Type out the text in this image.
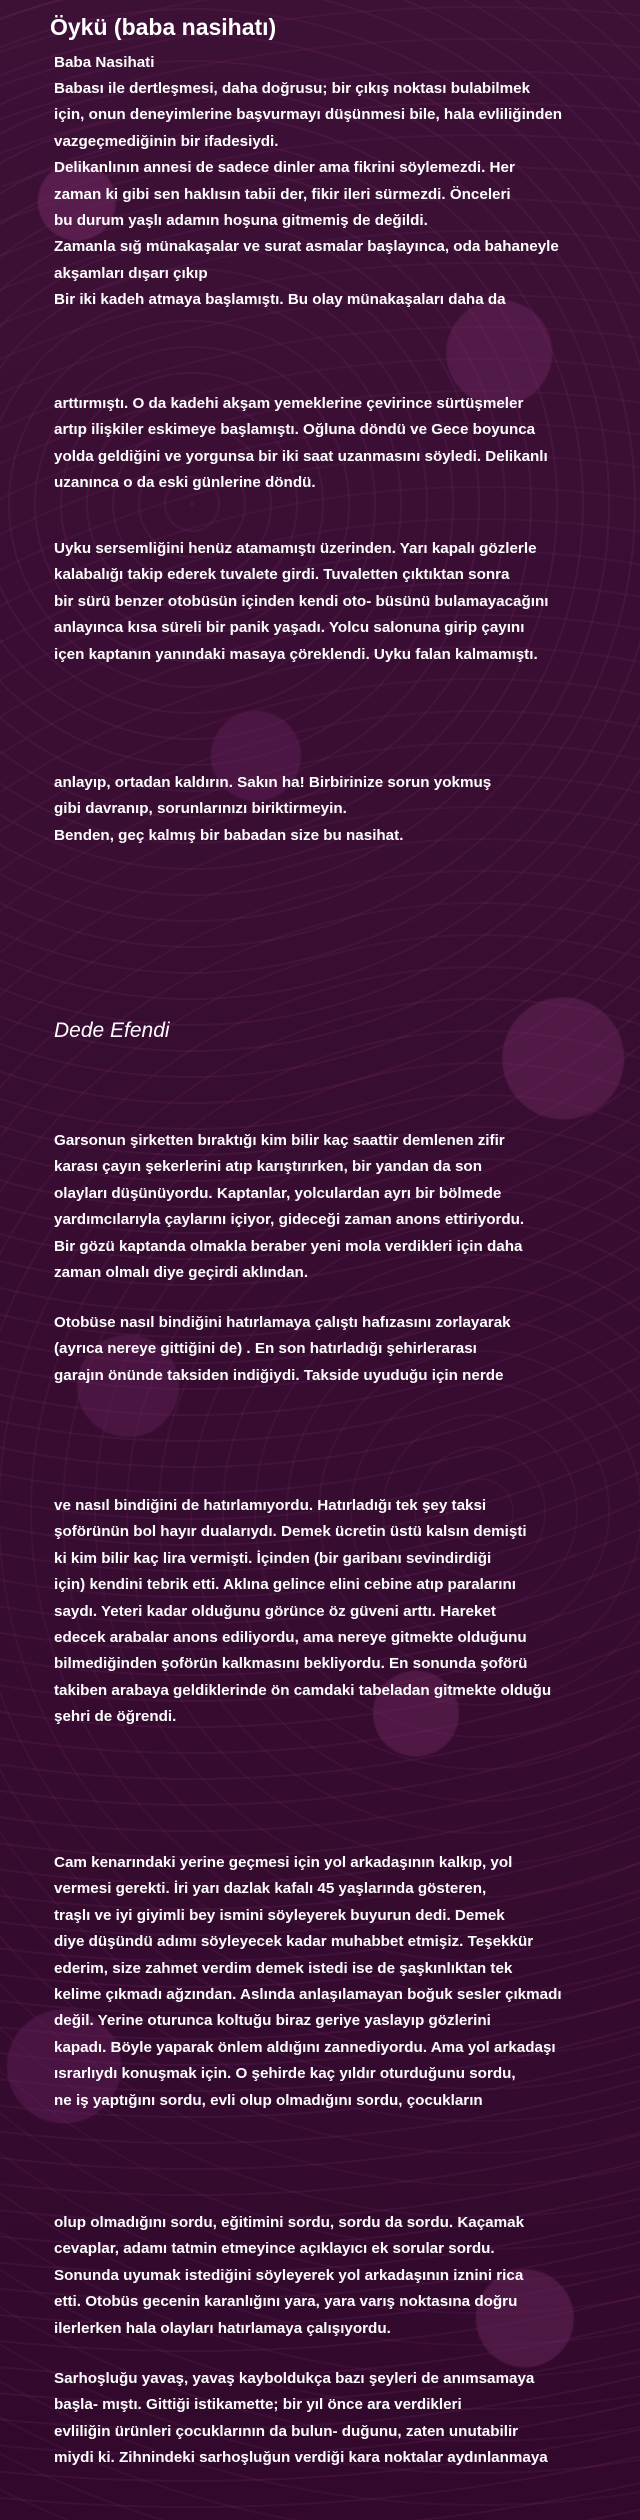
Öykü (baba nasihatı)
Baba Nasihati
Babası ile dertleşmesi, daha doğrusu; bir çıkış noktası bulabilmek
için, onun deneyimlerine başvurmayı düşünmesi bile, hala evliliğinden
vazgeçmediğinin bir ifadesiydi.
Delikanlının annesi de sadece dinler ama fikrini söylemezdi. Her
zaman ki gibi sen haklısın tabii der, fikir ileri sürmezdi. Önceleri
bu durum yaşlı adamın hoşuna gitmemiş de değildi.
Zamanla sığ münakaşalar ve surat asmalar başlayınca, oda bahaneyle
akşamları dışarı çıkıp
Bir iki kadeh atmaya başlamıştı. Bu olay münakaşaları daha da
arttırmıştı. O da kadehi akşam yemeklerine çevirince sürtüşmeler
artıp ilişkiler eskimeye başlamıştı. Oğluna döndü ve Gece boyunca
yolda geldiğini ve yorgunsa bir iki saat uzanmasını söyledi. Delikanlı
uzanınca o da eski günlerine döndü.
Uyku sersemliğini henüz atamamıştı üzerinden. Yarı kapalı gözlerle
kalabalığı takip ederek tuvalete girdi. Tuvaletten çıktıktan sonra
bir sürü benzer otobüsün içinden kendi oto- büsünü bulamayacağını
anlayınca kısa süreli bir panik yaşadı. Yolcu salonuna girip çayını
içen kaptanın yanındaki masaya çöreklendi. Uyku falan kalmamıştı.
anlayıp, ortadan kaldırın. Sakın ha! Birbirinize sorun yokmuş
gibi davranıp, sorunlarınızı biriktirmeyin.
Benden, geç kalmış bir babadan size bu nasihat.

Dede Efendi

Garsonun şirketten bıraktığı kim bilir kaç saattir demlenen zifir
karası çayın şekerlerini atıp karıştırırken, bir yandan da son
olayları düşünüyordu. Kaptanlar, yolculardan ayrı bir bölmede
yardımcılarıyla çaylarını içiyor, gideceği zaman anons ettiriyordu.
Bir gözü kaptanda olmakla beraber yeni mola verdikleri için daha
zaman olmalı diye geçirdi aklından.
Otobüse nasıl bindiğini hatırlamaya çalıştı hafızasını zorlayarak
(ayrıca nereye gittiğini de) . En son hatırladığı şehirlerarası
garajın önünde taksiden indiğiydi. Takside uyuduğu için nerde
ve nasıl bindiğini de hatırlamıyordu. Hatırladığı tek şey taksi
şoförünün bol hayır dualarıydı. Demek ücretin üstü kalsın demişti
ki kim bilir kaç lira vermişti. İçinden (bir garibanı sevindirdiği
için) kendini tebrik etti. Aklına gelince elini cebine atıp paralarını
saydı. Yeteri kadar olduğunu görünce öz güveni arttı. Hareket
edecek arabalar anons ediliyordu, ama nereye gitmekte olduğunu
bilmediğinden şoförün kalkmasını bekliyordu. En sonunda şoförü
takiben arabaya geldiklerinde ön camdaki tabeladan gitmekte olduğu
şehri de öğrendi.
Cam kenarındaki yerine geçmesi için yol arkadaşının kalkıp, yol
vermesi gerekti. İri yarı dazlak kafalı 45 yaşlarında gösteren,
traşlı ve iyi giyimli bey ismini söyleyerek buyurun dedi. Demek
diye düşündü adımı söyleyecek kadar muhabbet etmişiz. Teşekkür
ederim, size zahmet verdim demek istedi ise de şaşkınlıktan tek
kelime çıkmadı ağzından. Aslında anlaşılamayan boğuk sesler çıkmadı
değil. Yerine oturunca koltuğu biraz geriye yaslayıp gözlerini
kapadı. Böyle yaparak önlem aldığını zannediyordu. Ama yol arkadaşı
ısrarlıydı konuşmak için. O şehirde kaç yıldır oturduğunu sordu,
ne iş yaptığını sordu, evli olup olmadığını sordu, çocukların
olup olmadığını sordu, eğitimini sordu, sordu da sordu. Kaçamak
cevaplar, adamı tatmin etmeyince açıklayıcı ek sorular sordu.
Sonunda uyumak istediğini söyleyerek yol arkadaşının iznini rica
etti. Otobüs gecenin karanlığını yara, yara varış noktasına doğru
ilerlerken hala olayları hatırlamaya çalışıyordu.
Sarhoşluğu yavaş, yavaş kayboldukça bazı şeyleri de anımsamaya
başla- mıştı. Gittiği istikamette; bir yıl önce ara verdikleri
evliliğin ürünleri çocuklarının da bulun- duğunu, zaten unutabilir
miydi ki. Zihnindeki sarhoşluğun verdiği kara noktalar aydınlanmaya
